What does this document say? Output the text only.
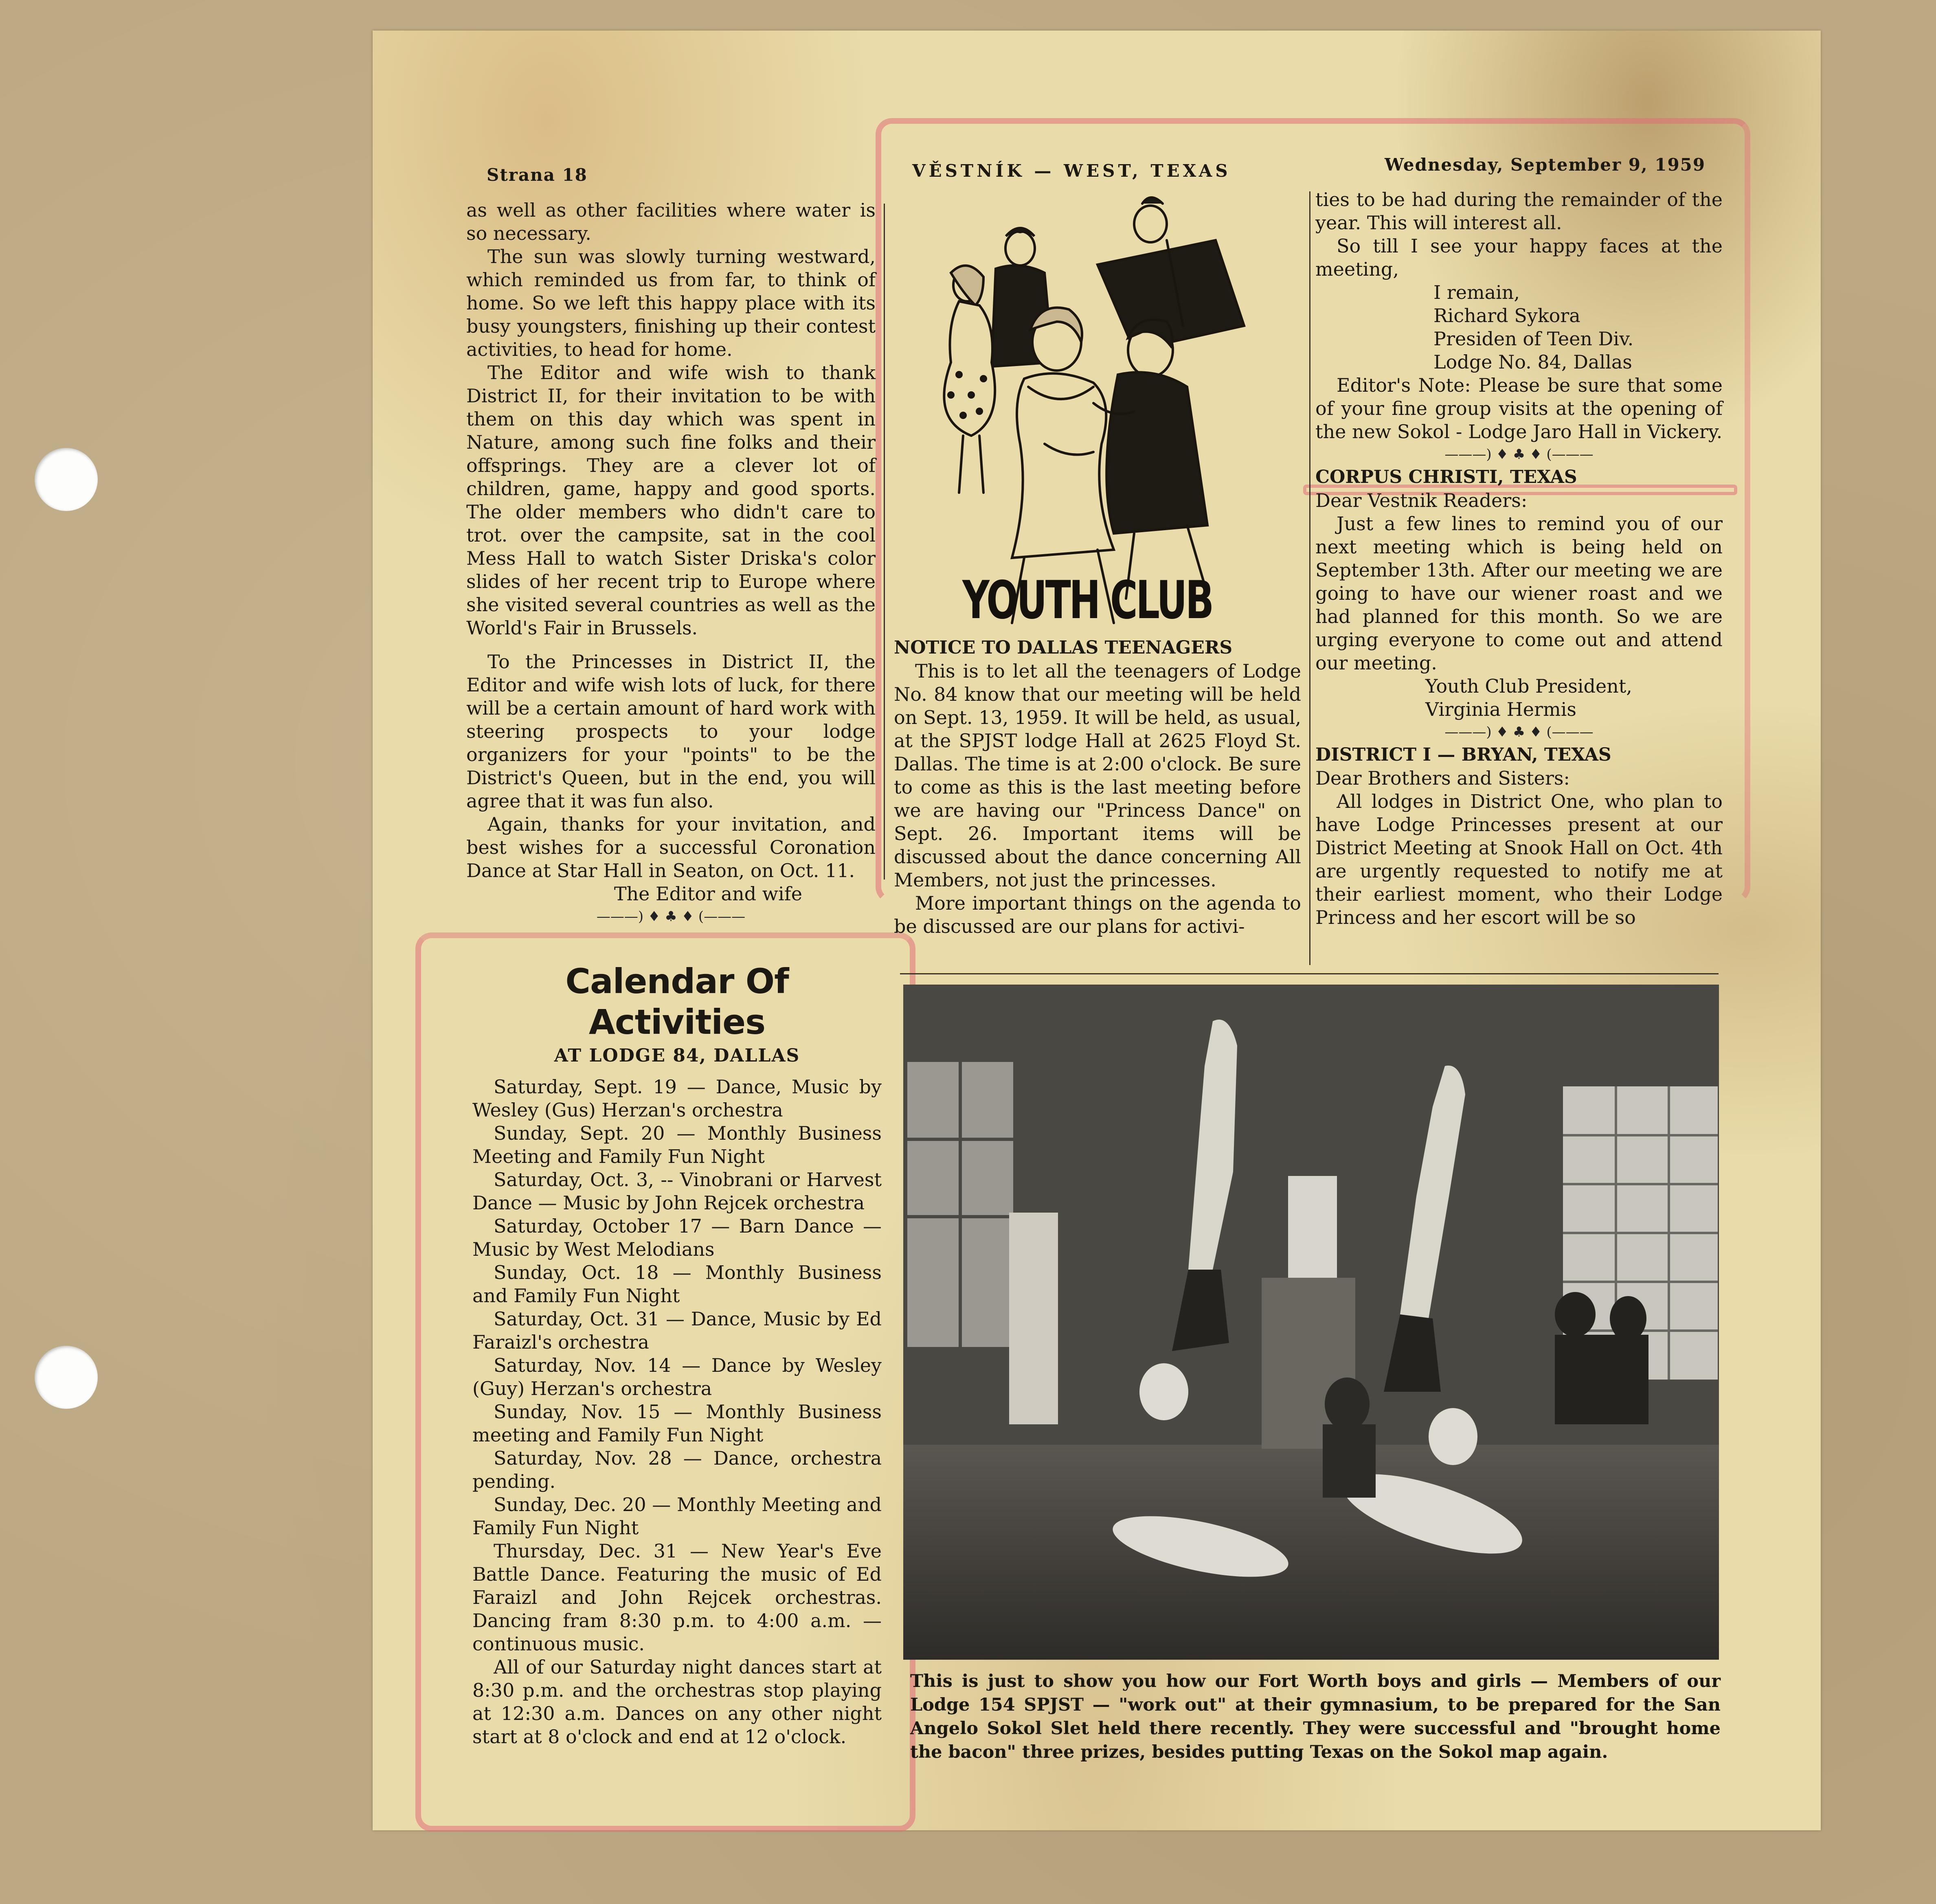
Strana 18	VĚSTNÍK — WEST, TEXAS	Wednesday, September 9, 1959

as well as other facilities where water is so necessary.

The sun was slowly turning westward, which reminded us from far, to think of home. So we left this happy place with its busy youngsters, finishing up their contest activities, to head for home.

The Editor and wife wish to thank District II, for their invitation to be with them on this day which was spent in Nature, among such fine folks and their offsprings. They are a clever lot of children, game, happy and good sports. The older members who didn't care to trot. over the campsite, sat in the cool Mess Hall to watch Sister Driska's color slides of her recent trip to Europe where she visited several countries as well as the World's Fair in Brussels.

To the Princesses in District II, the Editor and wife wish lots of luck, for there will be a certain amount of hard work with steering prospects to your lodge organizers for your "points" to be the District's Queen, but in the end, you will agree that it was fun also.

Again, thanks for your invitation, and best wishes for a successful Coronation Dance at Star Hall in Seaton, on Oct. 11.

The Editor and wife

———) ♦ ♣ ♦ (———
Calendar Of Activities
AT LODGE 84, DALLAS

Saturday, Sept. 19 — Dance, Music by Wesley (Gus) Herzan's orchestra

Sunday, Sept. 20 — Monthly Business Meeting and Family Fun Night

Saturday, Oct. 3, -- Vinobrani or Harvest Dance — Music by John Rejcek orchestra

Saturday, October 17 — Barn Dance — Music by West Melodians

Sunday, Oct. 18 — Monthly Business and Family Fun Night

Saturday, Oct. 31 — Dance, Music by Ed Faraizl's orchestra

Saturday, Nov. 14 — Dance by Wesley (Guy) Herzan's orchestra

Sunday, Nov. 15 — Monthly Business meeting and Family Fun Night

Saturday, Nov. 28 — Dance, orchestra pending.

Sunday, Dec. 20 — Monthly Meeting and Family Fun Night

Thursday, Dec. 31 — New Year's Eve Battle Dance. Featuring the music of Ed Faraizl and John Rejcek orchestras. Dancing fram 8:30 p.m. to 4:00 a.m. — continuous music.

All of our Saturday night dances start at 8:30 p.m. and the orchestras stop playing at 12:30 a.m. Dances on any other night start at 8 o'clock and end at 12 o'clock.

YOUTH CLUB

NOTICE TO DALLAS TEENAGERS

This is to let all the teenagers of Lodge No. 84 know that our meeting will be held on Sept. 13, 1959. It will be held, as usual, at the SPJST lodge Hall at 2625 Floyd St. Dallas. The time is at 2:00 o'clock. Be sure to come as this is the last meeting before we are having our "Princess Dance" on Sept. 26. Important items will be discussed about the dance concerning All Members, not just the princesses.

More important things on the agenda to be discussed are our plans for activi-

ties to be had during the remainder of the year. This will interest all.

So till I see your happy faces at the meeting,

I remain,

Richard Sykora

Presiden of Teen Div.

Lodge No. 84, Dallas

Editor's Note: Please be sure that some of your fine group visits at the opening of the new Sokol - Lodge Jaro Hall in Vickery.

———) ♦ ♣ ♦ (———

CORPUS CHRISTI, TEXAS

Dear Vestnik Readers:

Just a few lines to remind you of our next meeting which is being held on September 13th. After our meeting we are going to have our wiener roast and we had planned for this month. So we are urging everyone to come out and attend our meeting.

Youth Club President,

Virginia Hermis

———) ♦ ♣ ♦ (———

DISTRICT I — BRYAN, TEXAS

Dear Brothers and Sisters:

All lodges in District One, who plan to have Lodge Princesses present at our District Meeting at Snook Hall on Oct. 4th are urgently requested to notify me at their earliest moment, who their Lodge Princess and her escort will be so

This is just to show you how our Fort Worth boys and girls — Members of our Lodge 154 SPJST — "work out" at their gymnasium, to be prepared for the San Angelo Sokol Slet held there recently. They were successful and "brought home the bacon" three prizes, besides putting Texas on the Sokol map again.
